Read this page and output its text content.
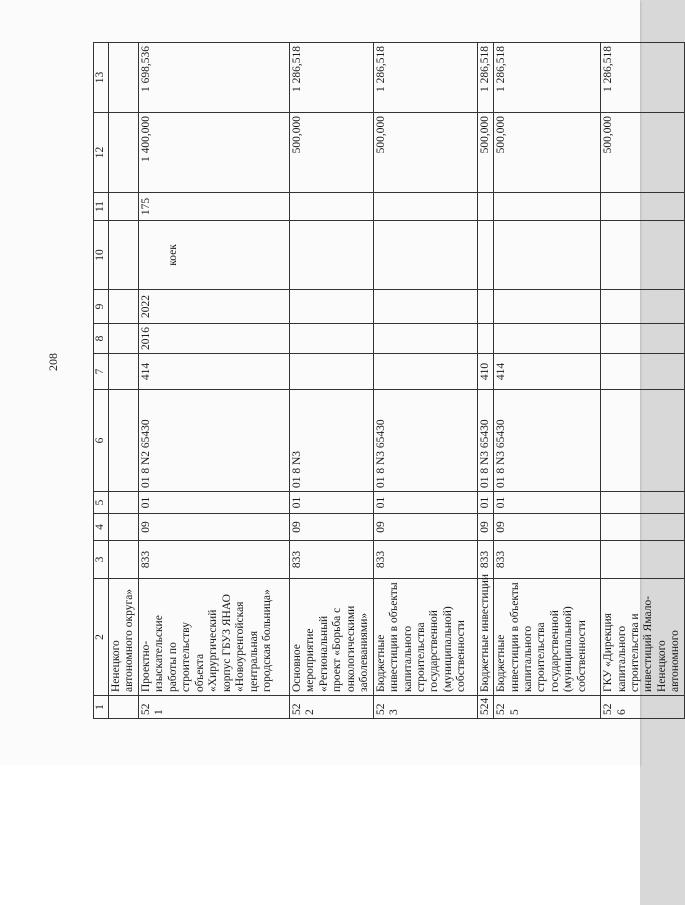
208
1	2	3	4	5	6	7	8	9	10	11	12	13
	Ненецкого автономного округа»											
521	Проектно-изыскательские работы по строительству объекта «Хирургический корпус ГБУЗ ЯНАО «Новоуренгойская центральная городская больница»	833	09	01	01 8 N2 65430	414	2016	2022	коек	175	1 400,000	1 698,536
522	Основное мероприятие «Региональный проект «Борьба с онкологическими заболеваниями»	833	09	01	01 8 N3						500,000	1 286,518
523	Бюджетные инвестиции в объекты капитального строительства государственной (муниципальной) собственности	833	09	01	01 8 N3 65430						500,000	1 286,518
524	Бюджетные инвестиции	833	09	01	01 8 N3 65430	410					500,000	1 286,518
525	Бюджетные инвестиции в объекты капитального строительства государственной (муниципальной) собственности	833	09	01	01 8 N3 65430	414					500,000	1 286,518
526	ГКУ «Дирекция капитального строительства и инвестиций Ямало-Ненецкого автономного										500,000	1 286,518
